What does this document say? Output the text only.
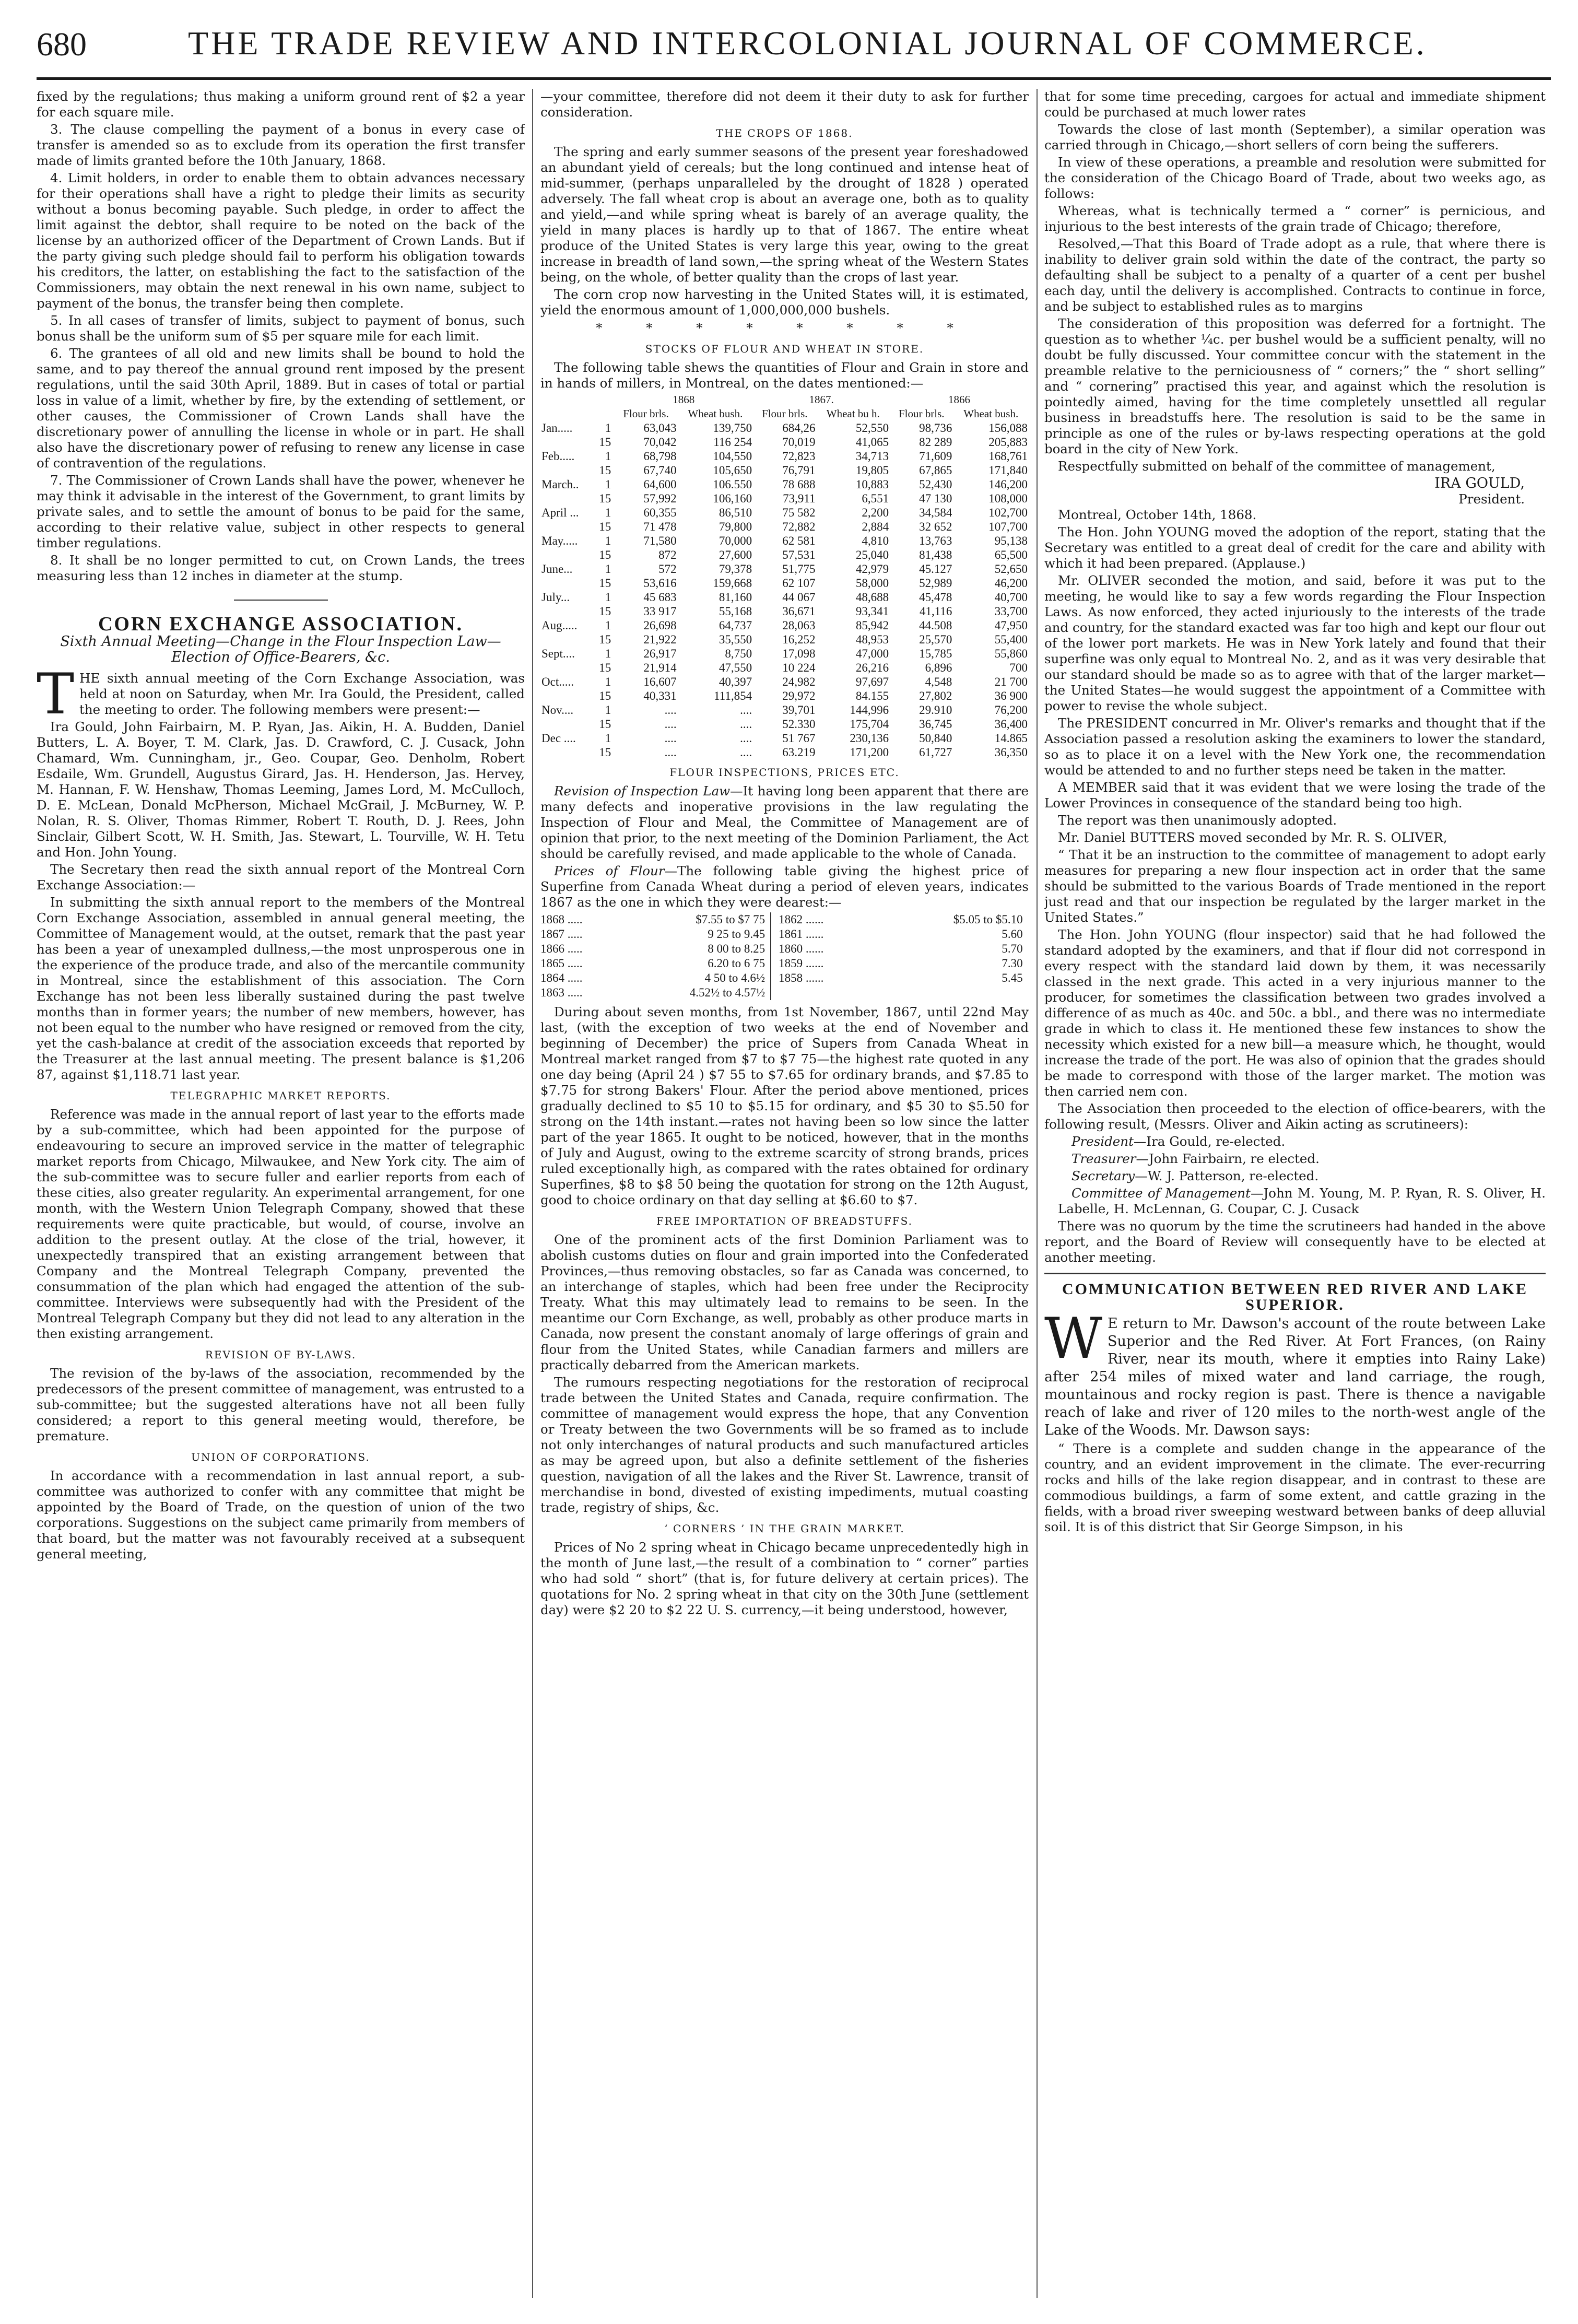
680	THE TRADE REVIEW AND INTERCOLONIAL JOURNAL OF COMMERCE.

fixed by the regulations; thus making a uniform ground rent of $2 a year for each square mile.

3. The clause compelling the payment of a bonus in every case of transfer is amended so as to exclude from its operation the first transfer made of limits granted before the 10th January, 1868.

4. Limit holders, in order to enable them to obtain advances necessary for their operations shall have a right to pledge their limits as security without a bonus becoming payable. Such pledge, in order to affect the limit against the debtor, shall require to be noted on the back of the license by an authorized officer of the Department of Crown Lands. But if the party giving such pledge should fail to perform his obligation towards his creditors, the latter, on establishing the fact to the satisfaction of the Commissioners, may obtain the next renewal in his own name, subject to payment of the bonus, the transfer being then complete.

5. In all cases of transfer of limits, subject to payment of bonus, such bonus shall be the uniform sum of $5 per square mile for each limit.

6. The grantees of all old and new limits shall be bound to hold the same, and to pay thereof the annual ground rent imposed by the present regulations, until the said 30th April, 1889. But in cases of total or partial loss in value of a limit, whether by fire, by the extending of settlement, or other causes, the Commissioner of Crown Lands shall have the discretionary power of annulling the license in whole or in part. He shall also have the discretionary power of refusing to renew any license in case of contravention of the regulations.

7. The Commissioner of Crown Lands shall have the power, whenever he may think it advisable in the interest of the Government, to grant limits by private sales, and to settle the amount of bonus to be paid for the same, according to their relative value, subject in other respects to general timber regulations.

8. It shall be no longer permitted to cut, on Crown Lands, the trees measuring less than 12 inches in diameter at the stump.

CORN EXCHANGE ASSOCIATION.
Sixth Annual Meeting—Change in the Flour Inspection Law—Election of Office-Bearers, &c.

THE sixth annual meeting of the Corn Exchange Association, was held at noon on Saturday, when Mr. Ira Gould, the President, called the meeting to order. The following members were present:—

Ira Gould, John Fairbairn, M. P. Ryan, Jas. Aikin, H. A. Budden, Daniel Butters, L. A. Boyer, T. M. Clark, Jas. D. Crawford, C. J. Cusack, John Chamard, Wm. Cunningham, jr., Geo. Coupar, Geo. Denholm, Robert Esdaile, Wm. Grundell, Augustus Girard, Jas. H. Henderson, Jas. Hervey, M. Hannan, F. W. Henshaw, Thomas Leeming, James Lord, M. McCulloch, D. E. McLean, Donald McPherson, Michael McGrail, J. McBurney, W. P. Nolan, R. S. Oliver, Thomas Rimmer, Robert T. Routh, D. J. Rees, John Sinclair, Gilbert Scott, W. H. Smith, Jas. Stewart, L. Tourville, W. H. Tetu and Hon. John Young.

The Secretary then read the sixth annual report of the Montreal Corn Exchange Association:—

In submitting the sixth annual report to the members of the Montreal Corn Exchange Association, assembled in annual general meeting, the Committee of Management would, at the outset, remark that the past year has been a year of unexampled dullness,—the most unprosperous one in the experience of the produce trade, and also of the mercantile community in Montreal, since the establishment of this association. The Corn Exchange has not been less liberally sustained during the past twelve months than in former years; the number of new members, however, has not been equal to the number who have resigned or removed from the city, yet the cash-balance at credit of the association exceeds that reported by the Treasurer at the last annual meeting. The present balance is $1,206 87, against $1,118.71 last year.

TELEGRAPHIC MARKET REPORTS.

Reference was made in the annual report of last year to the efforts made by a sub-committee, which had been appointed for the purpose of endeavouring to secure an improved service in the matter of telegraphic market reports from Chicago, Milwaukee, and New York city. The aim of the sub-committee was to secure fuller and earlier reports from each of these cities, also greater regularity. An experimental arrangement, for one month, with the Western Union Telegraph Company, showed that these requirements were quite practicable, but would, of course, involve an addition to the present outlay. At the close of the trial, however, it unexpectedly transpired that an existing arrangement between that Company and the Montreal Telegraph Company, prevented the consummation of the plan which had engaged the attention of the sub-committee. Interviews were subsequently had with the President of the Montreal Telegraph Company but they did not lead to any alteration in the then existing arrangement.

REVISION OF BY-LAWS.

The revision of the by-laws of the association, recommended by the predecessors of the present committee of management, was entrusted to a sub-committee; but the suggested alterations have not all been fully considered; a report to this general meeting would, therefore, be premature.

UNION OF CORPORATIONS.

In accordance with a recommendation in last annual report, a sub-committee was authorized to confer with any committee that might be appointed by the Board of Trade, on the question of union of the two corporations. Suggestions on the subject came primarily from members of that board, but the matter was not favourably received at a subsequent general meeting,

—your committee, therefore did not deem it their duty to ask for further consideration.

THE CROPS OF 1868.

The spring and early summer seasons of the present year foreshadowed an abundant yield of cereals; but the long continued and intense heat of mid-summer, (perhaps unparalleled by the drought of 1828 ) operated adversely. The fall wheat crop is about an average one, both as to quality and yield,—and while spring wheat is barely of an average quality, the yield in many places is hardly up to that of 1867. The entire wheat produce of the United States is very large this year, owing to the great increase in breadth of land sown,—the spring wheat of the Western States being, on the whole, of better quality than the crops of last year.

The corn crop now harvesting in the United States will, it is estimated, yield the enormous amount of 1,000,000,000 bushels.

* * * * * * * *
STOCKS OF FLOUR AND WHEAT IN STORE.

The following table shews the quantities of Flour and Grain in store and in hands of millers, in Montreal, on the dates mentioned:—

		1868		1867.		1866	
		Flour brls.	Wheat bush.	Flour brls.	Wheat bu h.	Flour brls.	Wheat bush.
Jan.....	1	63,043	139,750	684,26	52,550	98,736	156,088
	15	70,042	116 254	70,019	41,065	82 289	205,883
Feb.....	1	68,798	104,550	72,823	34,713	71,609	168,761
	15	67,740	105,650	76,791	19,805	67,865	171,840
March..	1	64,600	106.550	78 688	10,883	52,430	146,200
	15	57,992	106,160	73,911	6,551	47 130	108,000
April ...	1	60,355	86,510	75 582	2,200	34,584	102,700
	15	71 478	79,800	72,882	2,884	32 652	107,700
May.....	1	71,580	70,000	62 581	4,810	13,763	95,138
	15	872	27,600	57,531	25,040	81,438	65,500
June...	1	572	79,378	51,775	42,979	45.127	52,650
	15	53,616	159,668	62 107	58,000	52,989	46,200
July...	1	45 683	81,160	44 067	48,688	45,478	40,700
	15	33 917	55,168	36,671	93,341	41,116	33,700
Aug.....	1	26,698	64,737	28,063	85,942	44.508	47,950
	15	21,922	35,550	16,252	48,953	25,570	55,400
Sept....	1	26,917	8,750	17,098	47,000	15,785	55,860
	15	21,914	47,550	10 224	26,216	6,896	700
Oct.....	1	16,607	40,397	24,982	97,697	4,548	21 700
	15	40,331	111,854	29,972	84.155	27,802	36 900
Nov....	1	....	....	39,701	144,996	29.910	76,200
	15	....	....	52.330	175,704	36,745	36,400
Dec ....	1	....	....	51 767	230,136	50,840	14.865
	15	....	....	63.219	171,200	61,727	36,350
FLOUR INSPECTIONS, PRICES ETC.

Revision of Inspection Law—It having long been apparent that there are many defects and inoperative provisions in the law regulating the Inspection of Flour and Meal, the Committee of Management are of opinion that prior, to the next meeting of the Dominion Parliament, the Act should be carefully revised, and made applicable to the whole of Canada.

Prices of Flour—The following table giving the highest price of Superfine from Canada Wheat during a period of eleven years, indicates 1867 as the one in which they were dearest:—

1868 .....	$7.55 to $7 75
1867 .....	9 25 to 9.45
1866 .....	8 00 to 8.25
1865 .....	6.20 to 6 75
1864 .....	4 50 to 4.6½
1863 .....	4.52½ to 4.57½
1862 ......	$5.05 to $5.10
1861 ......	5.60
1860 ......	5.70
1859 ......	7.30
1858 ......	5.45

During about seven months, from 1st November, 1867, until 22nd May last, (with the exception of two weeks at the end of November and beginning of December) the price of Supers from Canada Wheat in Montreal market ranged from $7 to $7 75—the highest rate quoted in any one day being (April 24 ) $7 55 to $7.65 for ordinary brands, and $7.85 to $7.75 for strong Bakers' Flour. After the period above mentioned, prices gradually declined to $5 10 to $5.15 for ordinary, and $5 30 to $5.50 for strong on the 14th instant.—rates not having been so low since the latter part of the year 1865. It ought to be noticed, however, that in the months of July and August, owing to the extreme scarcity of strong brands, prices ruled exceptionally high, as compared with the rates obtained for ordinary Superfines, $8 to $8 50 being the quotation for strong on the 12th August, good to choice ordinary on that day selling at $6.60 to $7.

FREE IMPORTATION OF BREADSTUFFS.

One of the prominent acts of the first Dominion Parliament was to abolish customs duties on flour and grain imported into the Confederated Provinces,—thus removing obstacles, so far as Canada was concerned, to an interchange of staples, which had been free under the Reciprocity Treaty. What this may ultimately lead to remains to be seen. In the meantime our Corn Exchange, as well, probably as other produce marts in Canada, now present the constant anomaly of large offerings of grain and flour from the United States, while Canadian farmers and millers are practically debarred from the American markets.

The rumours respecting negotiations for the restoration of reciprocal trade between the United States and Canada, require confirmation. The committee of management would express the hope, that any Convention or Treaty between the two Governments will be so framed as to include not only interchanges of natural products and such manufactured articles as may be agreed upon, but also a definite settlement of the fisheries question, navigation of all the lakes and the River St. Lawrence, transit of merchandise in bond, divested of existing impediments, mutual coasting trade, registry of ships, &c.

‘ CORNERS ’ IN THE GRAIN MARKET.

Prices of No 2 spring wheat in Chicago became unprecedentedly high in the month of June last,—the result of a combination to “ corner” parties who had sold “ short” (that is, for future delivery at certain prices). The quotations for No. 2 spring wheat in that city on the 30th June (settlement day) were $2 20 to $2 22 U. S. currency,—it being understood, however,

that for some time preceding, cargoes for actual and immediate shipment could be purchased at much lower rates

Towards the close of last month (September), a similar operation was carried through in Chicago,—short sellers of corn being the sufferers.

In view of these operations, a preamble and resolution were submitted for the consideration of the Chicago Board of Trade, about two weeks ago, as follows:

Whereas, what is technically termed a “ corner” is pernicious, and injurious to the best interests of the grain trade of Chicago; therefore,

Resolved,—That this Board of Trade adopt as a rule, that where there is inability to deliver grain sold within the date of the contract, the party so defaulting shall be subject to a penalty of a quarter of a cent per bushel each day, until the delivery is accomplished. Contracts to continue in force, and be subject to established rules as to margins

The consideration of this proposition was deferred for a fortnight. The question as to whether ¼c. per bushel would be a sufficient penalty, will no doubt be fully discussed. Your committee concur with the statement in the preamble relative to the perniciousness of “ corners;” the “ short selling” and “ cornering” practised this year, and against which the resolution is pointedly aimed, having for the time completely unsettled all regular business in breadstuffs here. The resolution is said to be the same in principle as one of the rules or by-laws respecting operations at the gold board in the city of New York.

Respectfully submitted on behalf of the committee of management,

IRA GOULD,
President.

Montreal, October 14th, 1868.

The Hon. John YOUNG moved the adoption of the report, stating that the Secretary was entitled to a great deal of credit for the care and ability with which it had been prepared. (Applause.)

Mr. OLIVER seconded the motion, and said, before it was put to the meeting, he would like to say a few words regarding the Flour Inspection Laws. As now enforced, they acted injuriously to the interests of the trade and country, for the standard exacted was far too high and kept our flour out of the lower port markets. He was in New York lately and found that their superfine was only equal to Montreal No. 2, and as it was very desirable that our standard should be made so as to agree with that of the larger market—the United States—he would suggest the appointment of a Committee with power to revise the whole subject.

The PRESIDENT concurred in Mr. Oliver's remarks and thought that if the Association passed a resolution asking the examiners to lower the standard, so as to place it on a level with the New York one, the recommendation would be attended to and no further steps need be taken in the matter.

A MEMBER said that it was evident that we were losing the trade of the Lower Provinces in consequence of the standard being too high.

The report was then unanimously adopted.

Mr. Daniel BUTTERS moved seconded by Mr. R. S. OLIVER,

“ That it be an instruction to the committee of management to adopt early measures for preparing a new flour inspection act in order that the same should be submitted to the various Boards of Trade mentioned in the report just read and that our inspection be regulated by the larger market in the United States.”

The Hon. John YOUNG (flour inspector) said that he had followed the standard adopted by the examiners, and that if flour did not correspond in every respect with the standard laid down by them, it was necessarily classed in the next grade. This acted in a very injurious manner to the producer, for sometimes the classification between two grades involved a difference of as much as 40c. and 50c. a bbl., and there was no intermediate grade in which to class it. He mentioned these few instances to show the necessity which existed for a new bill—a measure which, he thought, would increase the trade of the port. He was also of opinion that the grades should be made to correspond with those of the larger market. The motion was then carried nem con.

The Association then proceeded to the election of office-bearers, with the following result, (Messrs. Oliver and Aikin acting as scrutineers):

President—Ira Gould, re-elected.

Treasurer—John Fairbairn, re elected.

Secretary—W. J. Patterson, re-elected.

Committee of Management—John M. Young, M. P. Ryan, R. S. Oliver, H. Labelle, H. McLennan, G. Coupar, C. J. Cusack

There was no quorum by the time the scrutineers had handed in the above report, and the Board of Review will consequently have to be elected at another meeting.

COMMUNICATION BETWEEN RED RIVER AND LAKE SUPERIOR.

W E return to Mr. Dawson's account of the route between Lake Superior and the Red River. At Fort Frances, (on Rainy River, near its mouth, where it empties into Rainy Lake) after 254 miles of mixed water and land carriage, the rough, mountainous and rocky region is past. There is thence a navigable reach of lake and river of 120 miles to the north-west angle of the Lake of the Woods. Mr. Dawson says:

“ There is a complete and sudden change in the appearance of the country, and an evident improvement in the climate. The ever-recurring rocks and hills of the lake region disappear, and in contrast to these are commodious buildings, a farm of some extent, and cattle grazing in the fields, with a broad river sweeping westward between banks of deep alluvial soil. It is of this district that Sir George Simpson, in his
